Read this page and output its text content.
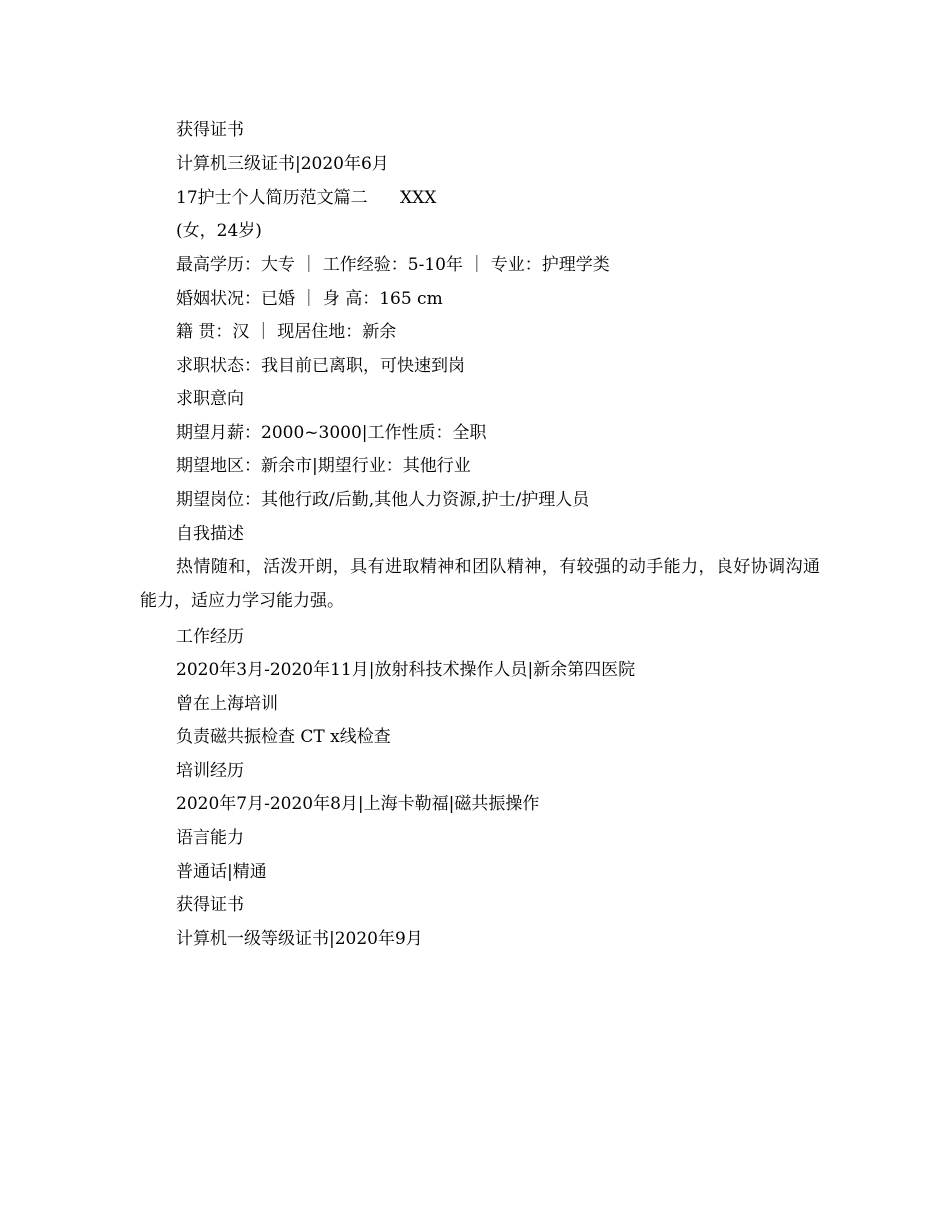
获得证书
计算机三级证书|2020年6月
17护士个人简历范文篇二      XXX
(女，24岁)
最高学历：大专 ｜ 工作经验：5-10年 ｜ 专业：护理学类
婚姻状况：已婚 ｜ 身 高：165 cm
籍 贯：汉 ｜ 现居住地：新余
求职状态：我目前已离职，可快速到岗
求职意向
期望月薪：2000~3000|工作性质：全职
期望地区：新余市|期望行业：其他行业
期望岗位：其他行政/后勤,其他人力资源,护士/护理人员
自我描述
热情随和，活泼开朗，具有进取精神和团队精神，有较强的动手能力，良好协调沟通能力，适应力学习能力强。
工作经历
2020年3月-2020年11月|放射科技术操作人员|新余第四医院
曾在上海培训
负责磁共振检查 CT x线检查
培训经历
2020年7月-2020年8月|上海卡勒福|磁共振操作
语言能力
普通话|精通
获得证书
计算机一级等级证书|2020年9月
